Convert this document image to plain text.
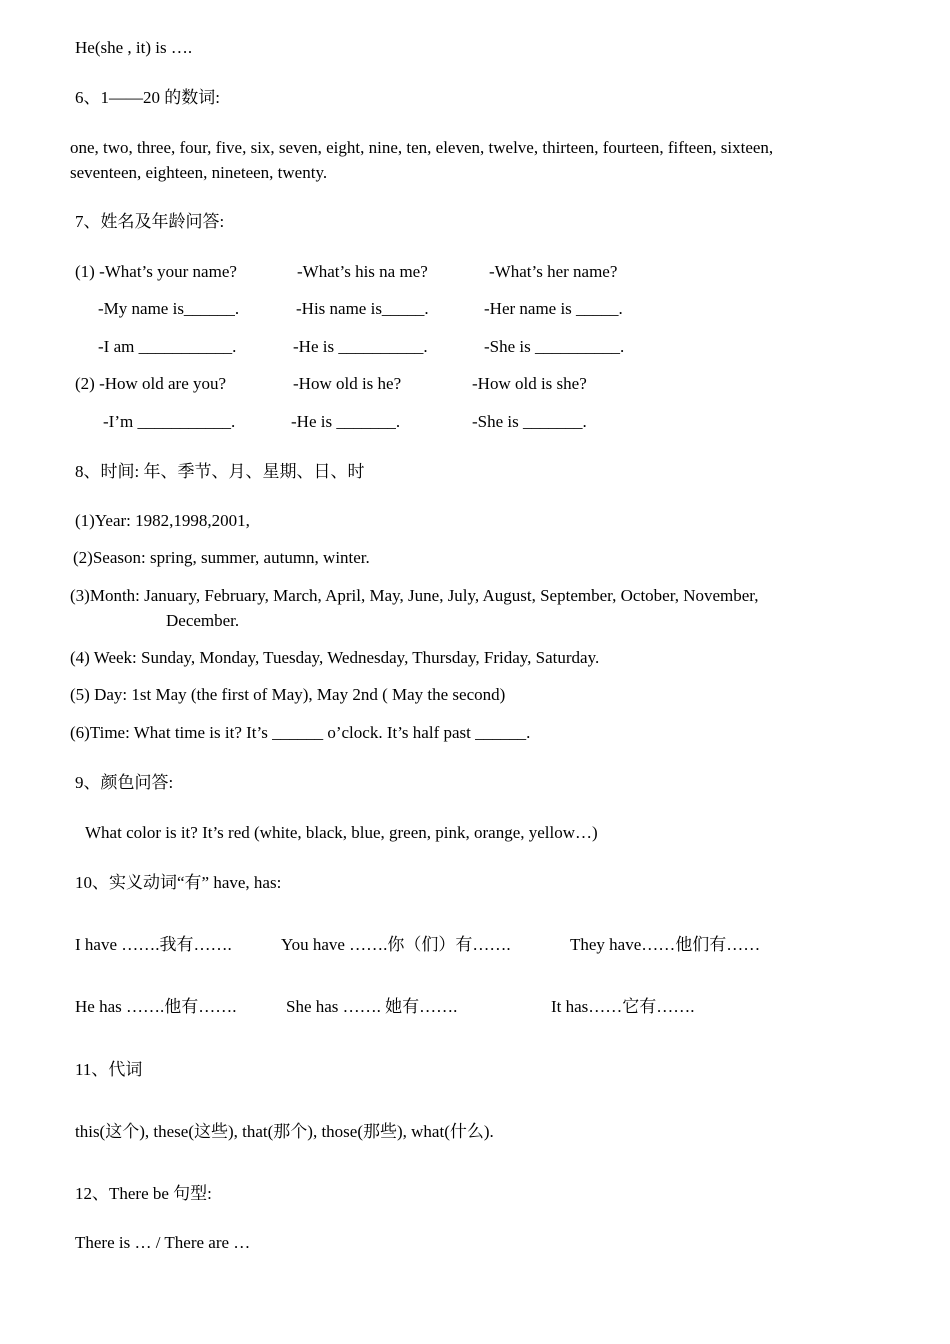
He(she , it) is ….
6、1——20 的数词:
one, two, three, four, five, six, seven, eight, nine, ten, eleven, twelve, thirteen, fourteen, fifteen, sixteen,
seventeen, eighteen, nineteen, twenty.
7、姓名及年龄问答:
(1) -What’s your name?	-What’s his na me?	-What’s her name?
-My name is______.	-His name is_____.	-Her name is _____.
-I am ___________.	-He is __________.	-She is __________.
(2) -How old are you?	-How old is he?	-How old is she?
-I’m ___________.	-He is _______.	-She is _______.
8、时间: 年、季节、月、星期、日、时
(1)Year: 1982,1998,2001,
(2)Season: spring, summer, autumn, winter.
(3)Month: January, February, March, April, May, June, July, August, September, October, November,
December.
(4) Week: Sunday, Monday, Tuesday, Wednesday, Thursday, Friday, Saturday.
(5) Day: 1st May (the first of May), May 2nd ( May the second)
(6)Time: What time is it? It’s ______ o’clock. It’s half past ______.
9、颜色问答:
What color is it? It’s red (white, black, blue, green, pink, orange, yellow…)
10、实义动词“有” have, has:
I have …….我有…….	You have …….你（们）有…….	They have……他们有……
He has …….他有…….	She has ……. 她有…….	It has……它有…….
11、代词
this(这个), these(这些), that(那个), those(那些), what(什么).
12、There be 句型:
There is … / There are …
